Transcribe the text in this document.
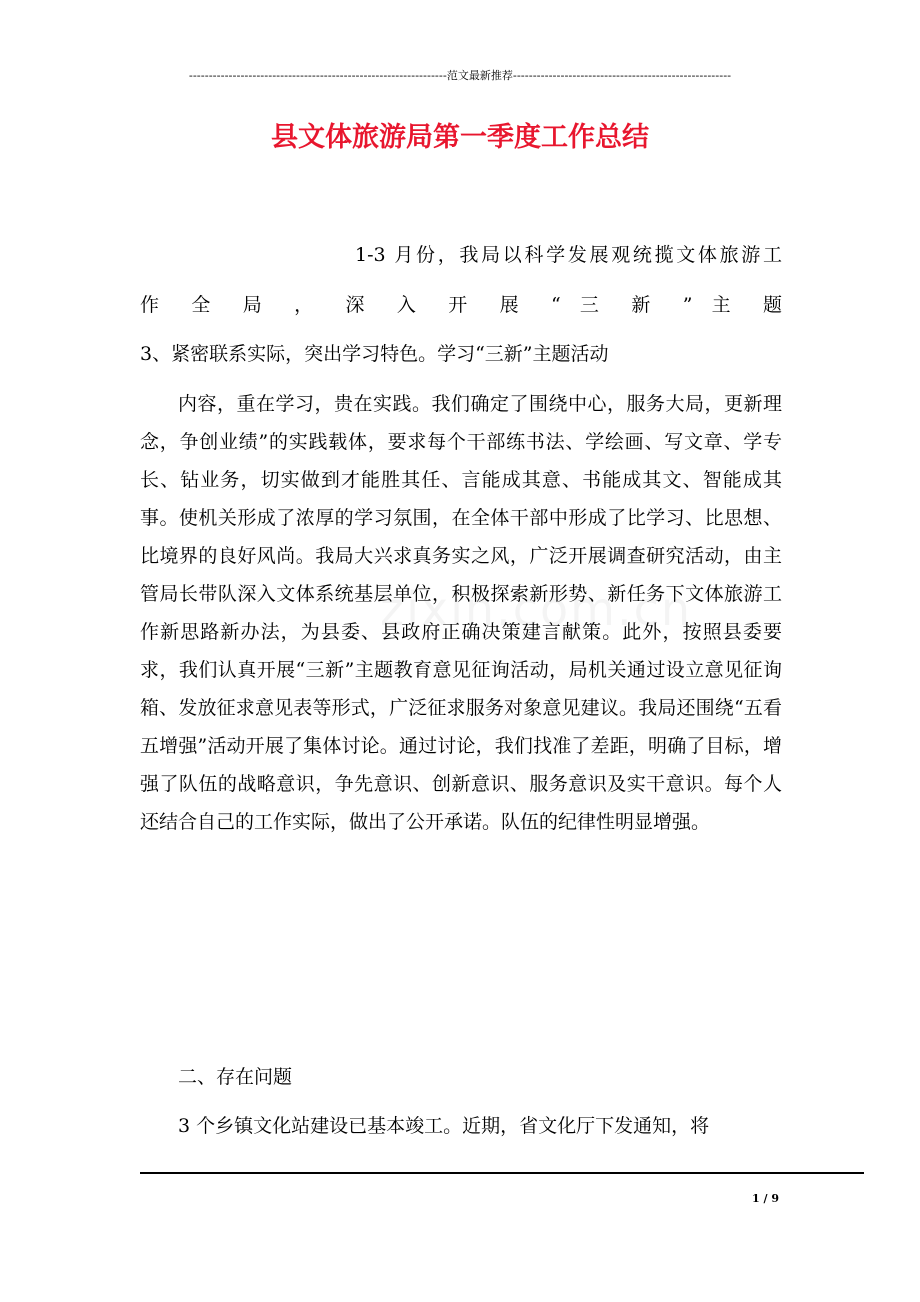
-----------------------------------------------------------------范文最新推荐-------------------------------------------------------
县文体旅游局第一季度工作总结

1-3 月份，我局以科学发展观统揽文体旅游工

作 全 局 ， 深 入 开 展 “ 三 新 ” 主 题

3、紧密联系实际，突出学习特色。学习“三新”主题活动

内容，重在学习，贵在实践。我们确定了围绕中心，服务大局，更新理念，争创业绩”的实践载体，要求每个干部练书法、学绘画、写文章、学专长、钻业务，切实做到才能胜其任、言能成其意、书能成其文、智能成其事。使机关形成了浓厚的学习氛围，在全体干部中形成了比学习、比思想、比境界的良好风尚。我局大兴求真务实之风，广泛开展调查研究活动，由主管局长带队深入文体系统基层单位，积极探索新形势、新任务下文体旅游工作新思路新办法，为县委、县政府正确决策建言献策。此外，按照县委要求，我们认真开展“三新”主题教育意见征询活动，局机关通过设立意见征询箱、发放征求意见表等形式，广泛征求服务对象意见建议。我局还围绕“五看五增强”活动开展了集体讨论。通过讨论，我们找准了差距，明确了目标，增强了队伍的战略意识，争先意识、创新意识、服务意识及实干意识。每个人还结合自己的工作实际，做出了公开承诺。队伍的纪律性明显增强。

二、存在问题

3 个乡镇文化站建设已基本竣工。近期，省文化厅下发通知，将

1 / 9
